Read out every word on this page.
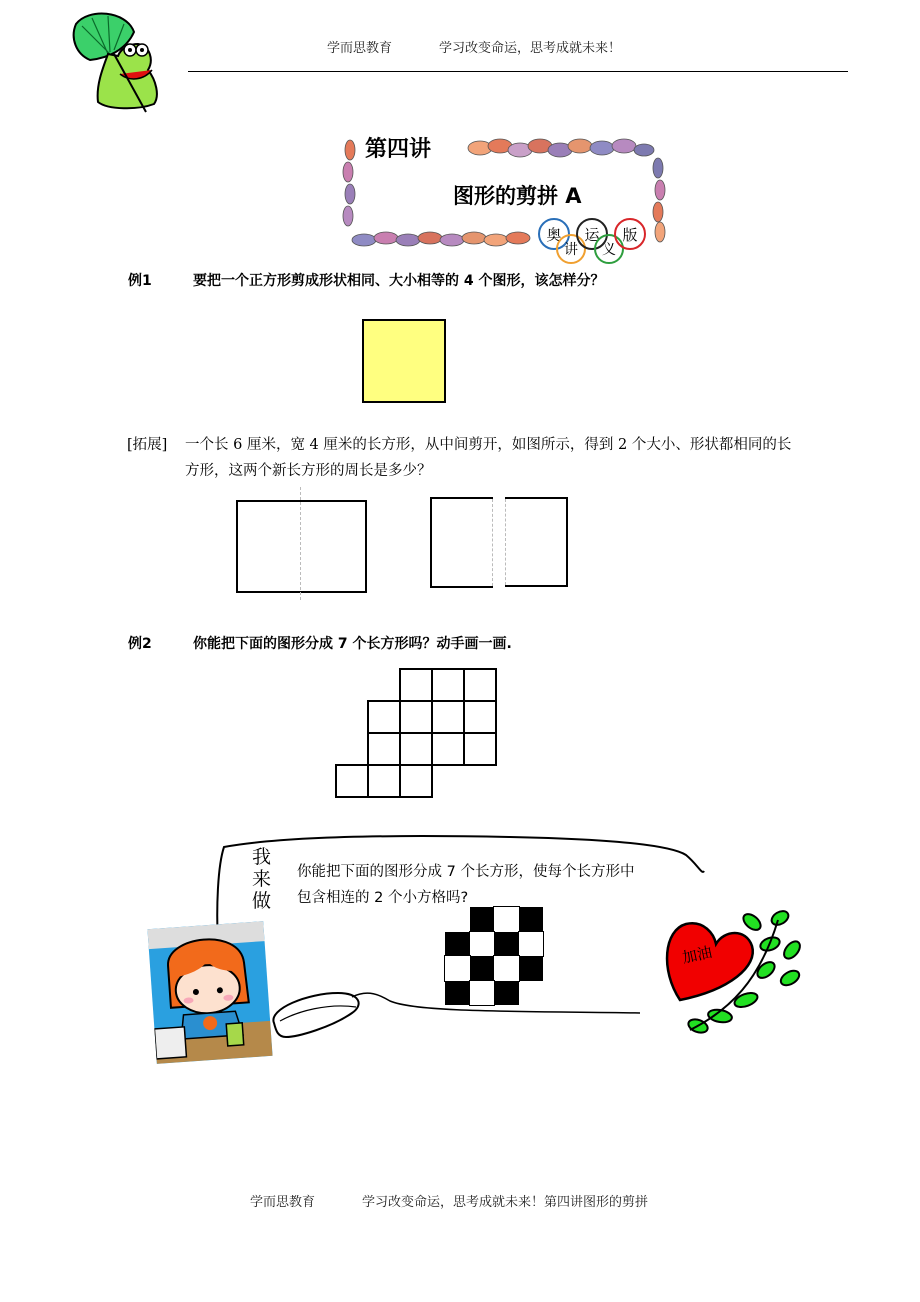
学而思教育	学习改变命运，思考成就未来！
第四讲
图形的剪拼 A
奥
讲
运
义
版
例1	要把一个正方形剪成形状相同、大小相等的 4 个图形，该怎样分？
[拓展] 一个长 6 厘米，宽 4 厘米的长方形，从中间剪开，如图所示，得到 2 个大小、形状都相同的长
方形，这两个新长方形的周长是多少？
例2	你能把下面的图形分成 7 个长方形吗？动手画一画.
我
来
做
你能把下面的图形分成 7 个长方形，使每个长方形中
包含相连的 2 个小方格吗?
加油
学而思教育	学习改变命运，思考成就未来！第四讲图形的剪拼
